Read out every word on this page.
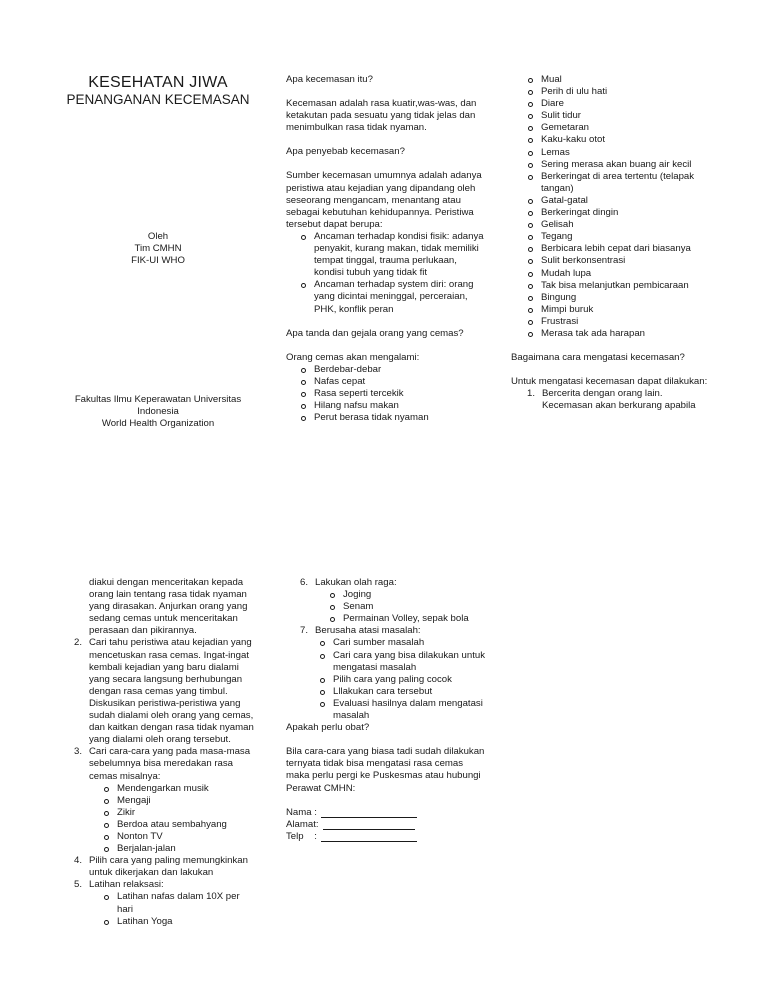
KESEHATAN JIWA
PENANGANAN KECEMASAN

Oleh

Tim CMHN

FIK-UI WHO

Fakultas Ilmu Keperawatan Universitas

Indonesia

World Health Organization

Apa kecemasan itu?

Kecemasan adalah rasa kuatir,was-was, dan ketakutan pada sesuatu yang tidak jelas dan menimbulkan rasa tidak nyaman.

Apa penyebab kecemasan?

Sumber kecemasan umumnya adalah adanya peristiwa atau kejadian yang dipandang oleh seseorang mengancam, menantang atau sebagai kebutuhan kehidupannya. Peristiwa tersebut dapat berupa:

Ancaman terhadap kondisi fisik: adanya penyakit, kurang makan, tidak memiliki tempat tinggal, trauma perlukaan, kondisi tubuh yang tidak fit
Ancaman terhadap system diri: orang yang dicintai meninggal, perceraian, PHK, konflik peran

Apa tanda dan gejala orang yang cemas?

Orang cemas akan mengalami:

Berdebar-debar
Nafas cepat
Rasa seperti tercekik
Hilang nafsu makan
Perut berasa tidak nyaman
Mual
Perih di ulu hati
Diare
Sulit tidur
Gemetaran
Kaku-kaku otot
Lemas
Sering merasa akan buang air kecil
Berkeringat di area tertentu (telapak tangan)
Gatal-gatal
Berkeringat dingin
Gelisah
Tegang
Berbicara lebih cepat dari biasanya
Sulit berkonsentrasi
Mudah lupa
Tak bisa melanjutkan pembicaraan
Bingung
Mimpi buruk
Frustrasi
Merasa tak ada harapan

Bagaimana cara mengatasi kecemasan?

Untuk mengatasi kecemasan dapat dilakukan:

1. Bercerita dengan orang lain. Kecemasan akan berkurang apabila

diakui dengan menceritakan kepada orang lain tentang rasa tidak nyaman yang dirasakan. Anjurkan orang yang sedang cemas untuk menceritakan perasaan dan pikirannya.

2. Cari tahu peristiwa atau kejadian yang mencetuskan rasa cemas. Ingat-ingat kembali kejadian yang baru dialami yang secara langsung berhubungan dengan rasa cemas yang timbul. Diskusikan peristiwa-peristiwa yang sudah dialami oleh orang yang cemas, dan kaitkan dengan rasa tidak nyaman yang dialami oleh orang tersebut.
3. Cari cara-cara yang pada masa-masa sebelumnya bisa meredakan rasa cemas misalnya:
Mendengarkan musik
Mengaji
Zikir
Berdoa atau sembahyang
Nonton TV
Berjalan-jalan
4. Pilih cara yang paling memungkinkan untuk dikerjakan dan lakukan
5. Latihan relaksasi:
Latihan nafas dalam 10X per hari
Latihan Yoga
6. Lakukan olah raga:
Joging
Senam
Permainan Volley, sepak bola
7. Berusaha atasi masalah:
Cari sumber masalah
Cari cara yang bisa dilakukan untuk mengatasi masalah
Pilih cara yang paling cocok
Lllakukan cara tersebut
Evaluasi hasilnya dalam mengatasi masalah

Apakah perlu obat?

Bila cara-cara yang biasa tadi sudah dilakukan ternyata tidak bisa mengatasi rasa cemas maka perlu pergi ke Puskesmas atau hubungi Perawat CMHN:

Nama :
Alamat:
Telp    :
